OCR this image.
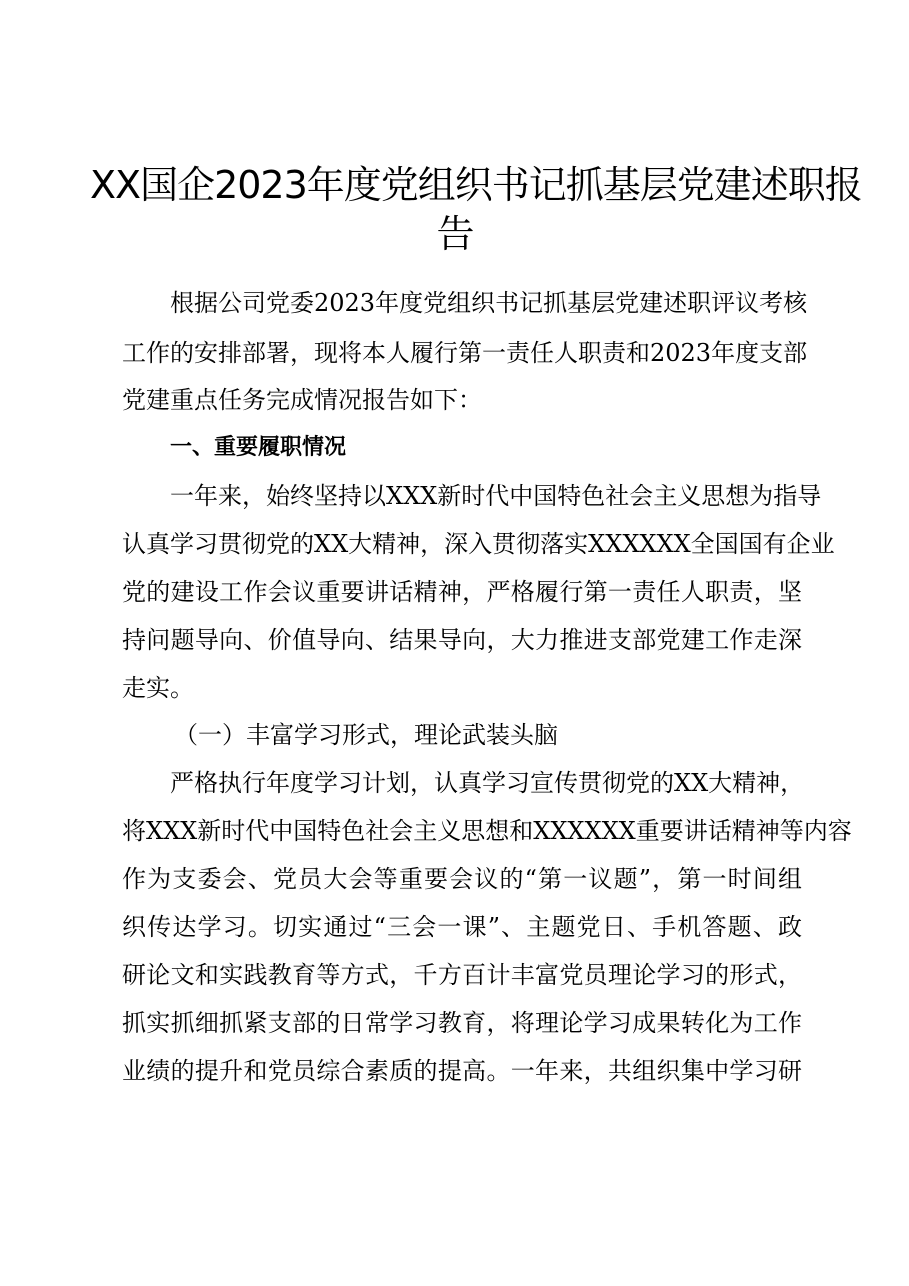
XX国企2023年度党组织书记抓基层党建述职报
告
根据公司党委2023年度党组织书记抓基层党建述职评议考核
工作的安排部署，现将本人履行第一责任人职责和2023年度支部
党建重点任务完成情况报告如下：
一、重要履职情况
一年来，始终坚持以XXX新时代中国特色社会主义思想为指导
认真学习贯彻党的XX大精神，深入贯彻落实XXXXXX全国国有企业
党的建设工作会议重要讲话精神，严格履行第一责任人职责，坚
持问题导向、价值导向、结果导向，大力推进支部党建工作走深
走实。
（一）丰富学习形式，理论武装头脑
严格执行年度学习计划，认真学习宣传贯彻党的XX大精神，
将XXX新时代中国特色社会主义思想和XXXXXX重要讲话精神等内容
作为支委会、党员大会等重要会议的“第一议题”，第一时间组
织传达学习。切实通过“三会一课”、主题党日、手机答题、政
研论文和实践教育等方式，千方百计丰富党员理论学习的形式，
抓实抓细抓紧支部的日常学习教育，将理论学习成果转化为工作
业绩的提升和党员综合素质的提高。一年来，共组织集中学习研
